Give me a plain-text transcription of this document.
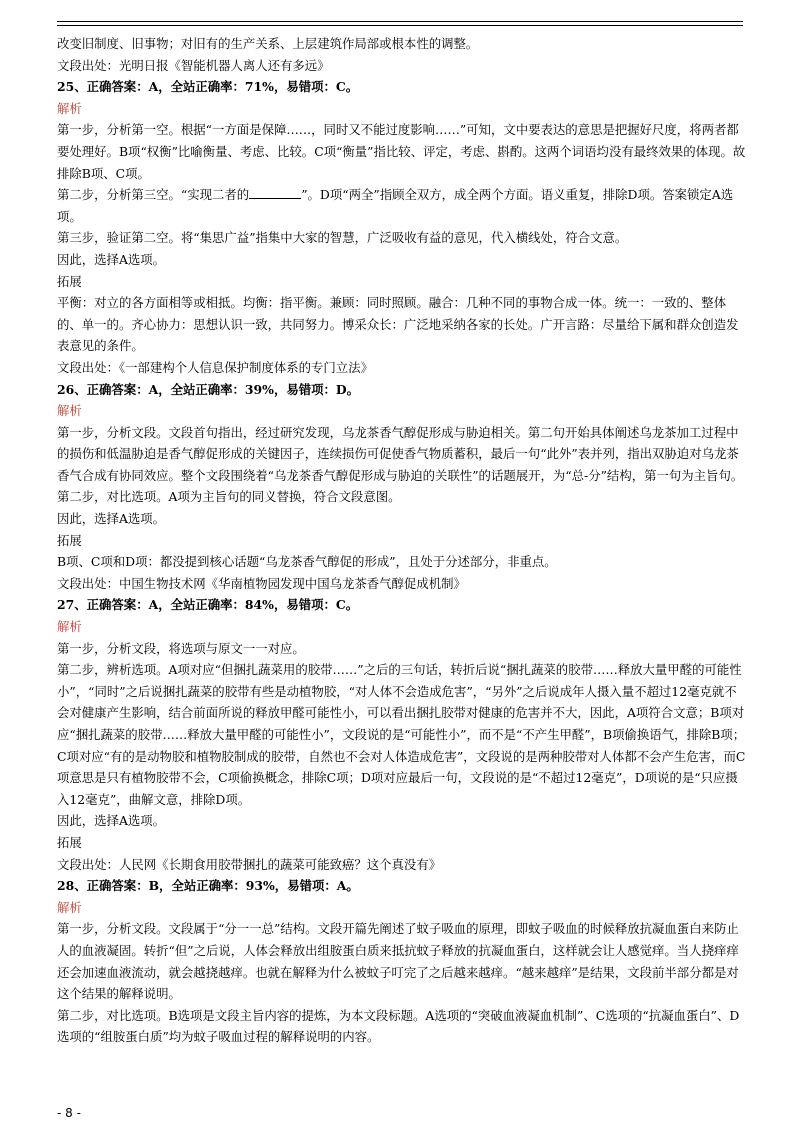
改变旧制度、旧事物；对旧有的生产关系、上层建筑作局部或根本性的调整。

文段出处：光明日报《智能机器人离人还有多远》

25、正确答案：A，全站正确率：71%，易错项：C。

解析

第一步，分析第一空。根据“一方面是保障……，同时又不能过度影响……”可知，文中要表达的意思是把握好尺度，将两者都要处理好。B项“权衡”比喻衡量、考虑、比较。C项“衡量”指比较、评定，考虑、斟酌。这两个词语均没有最终效果的体现。故排除B项、C项。

第二步，分析第三空。“实现二者的	”。D项“两全”指顾全双方，成全两个方面。语义重复，排除D项。答案锁定A选项。

第三步，验证第二空。将“集思广益”指集中大家的智慧，广泛吸收有益的意见，代入横线处，符合文意。

因此，选择A选项。

拓展

平衡：对立的各方面相等或相抵。均衡：指平衡。兼顾：同时照顾。融合：几种不同的事物合成一体。统一：一致的、整体的、单一的。齐心协力：思想认识一致，共同努力。博采众长：广泛地采纳各家的长处。广开言路：尽量给下属和群众创造发表意见的条件。

文段出处：《一部建构个人信息保护制度体系的专门立法》

26、正确答案：A，全站正确率：39%，易错项：D。

解析

第一步，分析文段。文段首句指出，经过研究发现，乌龙茶香气醇促形成与胁迫相关。第二句开始具体阐述乌龙茶加工过程中的损伤和低温胁迫是香气醇促形成的关键因子，连续损伤可促使香气物质蓄积，最后一句“此外”表并列，指出双胁迫对乌龙茶香气合成有协同效应。整个文段围绕着“乌龙茶香气醇促形成与胁迫的关联性”的话题展开，为“总-分”结构，第一句为主旨句。

第二步，对比选项。A项为主旨句的同义替换，符合文段意图。

因此，选择A选项。

拓展

B项、C项和D项：都没提到核心话题“乌龙茶香气醇促的形成”，且处于分述部分，非重点。

文段出处：中国生物技术网《华南植物园发现中国乌龙茶香气醇促成机制》

27、正确答案：A，全站正确率：84%，易错项：C。

解析

第一步，分析文段，将选项与原文一一对应。

第二步，辨析选项。A项对应“但捆扎蔬菜用的胶带……”之后的三句话，转折后说“捆扎蔬菜的胶带……释放大量甲醛的可能性小”，“同时”之后说捆扎蔬菜的胶带有些是动植物胶，“对人体不会造成危害”，“另外”之后说成年人摄入量不超过12毫克就不会对健康产生影响，结合前面所说的释放甲醛可能性小，可以看出捆扎胶带对健康的危害并不大，因此，A项符合文意；B项对应“捆扎蔬菜的胶带……释放大量甲醛的可能性小”，文段说的是“可能性小”，而不是“不产生甲醛”，B项偷换语气，排除B项；C项对应“有的是动物胶和植物胶制成的胶带，自然也不会对人体造成危害”，文段说的是两种胶带对人体都不会产生危害，而C项意思是只有植物胶带不会，C项偷换概念，排除C项；D项对应最后一句，文段说的是“不超过12毫克”，D项说的是“只应摄入12毫克”，曲解文意，排除D项。

因此，选择A选项。

拓展

文段出处：人民网《长期食用胶带捆扎的蔬菜可能致癌？这个真没有》

28、正确答案：B，全站正确率：93%，易错项：A。

解析

第一步，分析文段。文段属于“分一一总”结构。文段开篇先阐述了蚊子吸血的原理，即蚊子吸血的时候释放抗凝血蛋白来防止人的血液凝固。转折“但”之后说，人体会释放出组胺蛋白质来抵抗蚊子释放的抗凝血蛋白，这样就会让人感觉痒。当人挠痒痒还会加速血液流动，就会越挠越痒。也就在解释为什么被蚊子叮完了之后越来越痒。“越来越痒”是结果，文段前半部分都是对这个结果的解释说明。

第二步，对比选项。B选项是文段主旨内容的提炼，为本文段标题。A选项的“突破血液凝血机制”、C选项的“抗凝血蛋白”、D选项的“组胺蛋白质”均为蚊子吸血过程的解释说明的内容。

- 8 -
